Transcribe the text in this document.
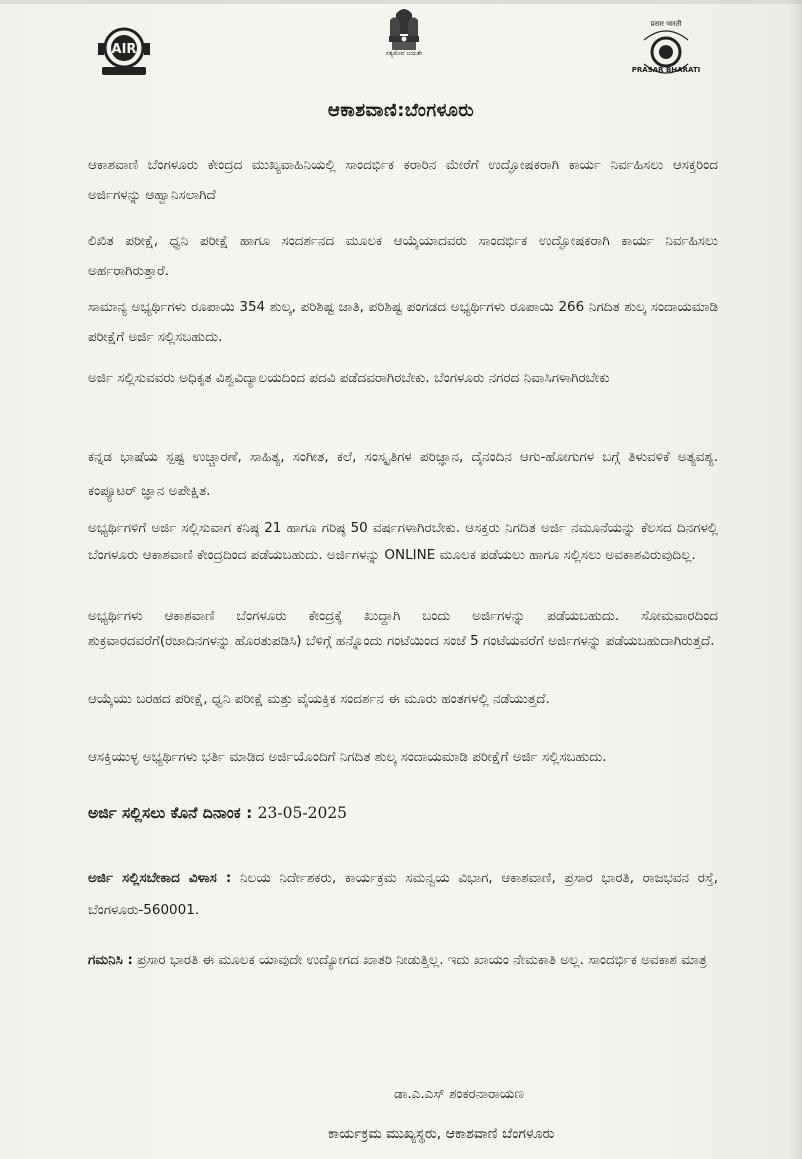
AIR	ಸತ್ಯಮೇವ ಜಯತೇ
प्रसार भारती
PRASAR BHARATI
ಆಕಾಶವಾಣಿ:ಬೆಂಗಳೂರು
ಆಕಾಶವಾಣಿ ಬೆಂಗಳೂರು ಕೇಂದ್ರದ ಮುಖ್ಯವಾಹಿನಿಯಲ್ಲಿ ಸಾಂದರ್ಭಿಕ ಕರಾರಿನ ಮೇರೆಗೆ ಉದ್ಘೋಷಕರಾಗಿ ಕಾರ್ಯ ನಿರ್ವಹಿಸಲು ಆಸಕ್ತರಿಂದ ಅರ್ಜಿಗಳನ್ನು ಆಹ್ವಾನಿಸಲಾಗಿದೆ
ಲಿಖಿತ ಪರೀಕ್ಷೆ, ಧ್ವನಿ ಪರೀಕ್ಷೆ ಹಾಗೂ ಸಂದರ್ಶನದ ಮೂಲಕ ಆಯ್ಕೆಯಾದವರು ಸಾಂದರ್ಭಿಕ ಉದ್ಘೋಷಕರಾಗಿ ಕಾರ್ಯ ನಿರ್ವಹಿಸಲು ಅರ್ಹರಾಗಿರುತ್ತಾರೆ.
ಸಾಮಾನ್ಯ ಅಭ್ಯರ್ಥಿಗಳು ರೂಪಾಯಿ 354 ಶುಲ್ಕ, ಪರಿಶಿಷ್ಟ ಜಾತಿ, ಪರಿಶಿಷ್ಟ ಪಂಗಡದ ಅಭ್ಯರ್ಥಿಗಳು ರೂಪಾಯಿ 266 ನಿಗದಿತ ಶುಲ್ಕ ಸಂದಾಯಮಾಡಿ ಪರೀಕ್ಷೆಗೆ ಅರ್ಜಿ ಸಲ್ಲಿಸಬಹುದು.
ಅರ್ಜಿ ಸಲ್ಲಿಸುವವರು ಅಧಿಕೃತ ವಿಶ್ವವಿದ್ಯಾಲಯದಿಂದ ಪದವಿ ಪಡೆದವರಾಗಿರಬೇಕು. ಬೆಂಗಳೂರು ನಗರದ ನಿವಾಸಿಗಳಾಗಿರಬೇಕು
ಕನ್ನಡ ಭಾಷೆಯ ಸ್ಪಷ್ಟ ಉಚ್ಚಾರಣೆ, ಸಾಹಿತ್ಯ, ಸಂಗೀತ, ಕಲೆ, ಸಂಸ್ಕೃತಿಗಳ ಪರಿಜ್ಞಾನ, ದೈನಂದಿನ ಆಗು-ಹೋಗುಗಳ ಬಗ್ಗೆ ತಿಳುವಳಿಕೆ ಅತ್ಯವಶ್ಯ. ಕಂಪ್ಯೂಟರ್ ಜ್ಞಾನ ಅಪೇಕ್ಷಿತ.
ಅಭ್ಯರ್ಥಿಗಳಿಗೆ ಅರ್ಜಿ ಸಲ್ಲಿಸುವಾಗ ಕನಿಷ್ಠ 21 ಹಾಗೂ ಗರಿಷ್ಠ 50 ವರ್ಷಗಳಾಗಿರಬೇಕು. ಆಸಕ್ತರು ನಿಗದಿತ ಅರ್ಜಿ ನಮೂನೆಯನ್ನು ಕೆಲಸದ ದಿನಗಳಲ್ಲಿ ಬೆಂಗಳೂರು ಆಕಾಶವಾಣಿ ಕೇಂದ್ರದಿಂದ ಪಡೆಯಬಹುದು. ಅರ್ಜಿಗಳನ್ನು ONLINE ಮೂಲಕ ಪಡೆಯಲು ಹಾಗೂ ಸಲ್ಲಿಸಲು ಅವಕಾಶವಿರುವುದಿಲ್ಲ.
ಅಭ್ಯರ್ಥಿಗಳು ಆಕಾಶವಾಣಿ ಬೆಂಗಳೂರು ಕೇಂದ್ರಕ್ಕೆ ಖುದ್ದಾಗಿ ಬಂದು ಅರ್ಜಿಗಳನ್ನು ಪಡೆಯಬಹುದು. ಸೋಮವಾರದಿಂದ ಶುಕ್ರವಾರದವರೆಗೆ(ರಜಾದಿನಗಳನ್ನು ಹೊರತುಪಡಿಸಿ) ಬೆಳಿಗ್ಗೆ ಹನ್ನೊಂದು ಗಂಟೆಯಿಂದ ಸಂಜೆ 5 ಗಂಟೆಯವರೆಗೆ ಅರ್ಜಿಗಳನ್ನು ಪಡೆಯಬಹುದಾಗಿರುತ್ತದೆ.
ಆಯ್ಕೆಯು ಬರಹದ ಪರೀಕ್ಷೆ, ಧ್ವನಿ ಪರೀಕ್ಷೆ ಮತ್ತು ವೈಯಕ್ತಿಕ ಸಂದರ್ಶನ ಈ ಮೂರು ಹಂತಗಳಲ್ಲಿ ನಡೆಯುತ್ತದೆ.
ಆಸಕ್ತಿಯುಳ್ಳ ಅಭ್ಯರ್ಥಿಗಳು ಭರ್ತಿ ಮಾಡಿದ ಅರ್ಜಿಯೊಂದಿಗೆ ನಿಗದಿತ ಶುಲ್ಕ ಸಂದಾಯಮಾಡಿ ಪರೀಕ್ಷೆಗೆ ಅರ್ಜಿ ಸಲ್ಲಿಸಬಹುದು.
ಅರ್ಜಿ ಸಲ್ಲಿಸಲು ಕೊನೆ ದಿನಾಂಕ : 23-05-2025
ಅರ್ಜಿ ಸಲ್ಲಿಸಬೇಕಾದ ವಿಳಾಸ : ನಿಲಯ ನಿರ್ದೇಶಕರು, ಕಾರ್ಯಕ್ರಮ ಸಮನ್ವಯ ವಿಭಾಗ, ಆಕಾಶವಾಣಿ, ಪ್ರಸಾರ ಭಾರತಿ, ರಾಜಭವನ ರಸ್ತೆ, ಬೆಂಗಳೂರು-560001.
ಗಮನಿಸಿ : ಪ್ರಸಾರ ಭಾರತಿ ಈ ಮೂಲಕ ಯಾವುದೇ ಉದ್ಯೋಗದ ಖಾತರಿ ನೀಡುತ್ತಿಲ್ಲ. ಇದು ಖಾಯಂ ನೇಮಕಾತಿ ಅಲ್ಲ. ಸಾಂದರ್ಭಿಕ ಅವಕಾಶ ಮಾತ್ರ
ಡಾ.ಎ.ಎಸ್ ಶಂಕರನಾರಾಯಣ
ಕಾರ್ಯಕ್ರಮ ಮುಖ್ಯಸ್ಥರು, ಆಕಾಶವಾಣಿ ಬೆಂಗಳೂರು
